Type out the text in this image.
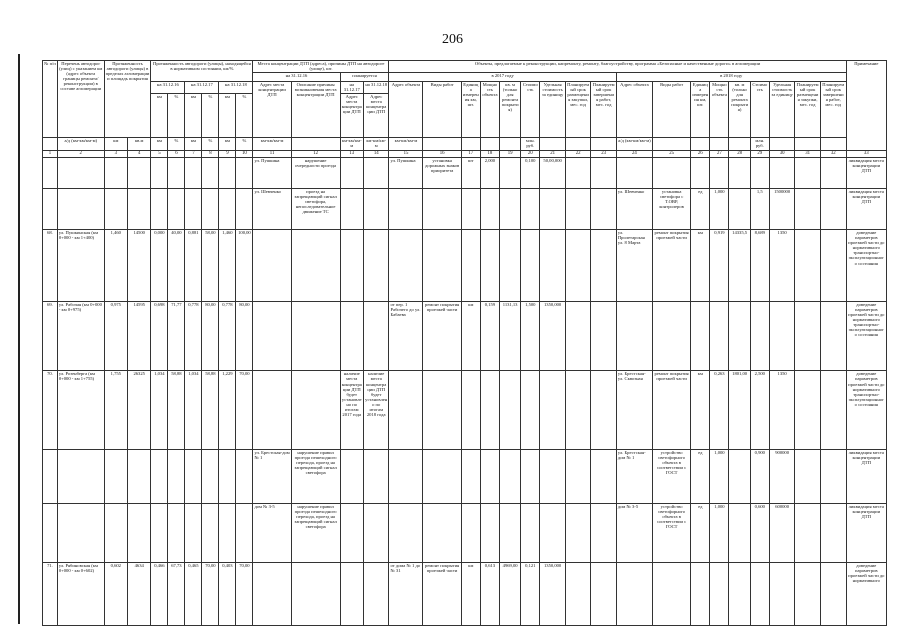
206
№ п/п	Перечень автодорог (улиц) с указанием км (адрес объекта границы ремонта/реконструкции) в составе агломерации	Протяженность автодороги (улицы) в пределах агломерации и площадь покрытия		Протяженность автодороги (улицы), находящейся в нормативном состоянии, км/%						Места концентрации ДТП (адреса), причины ДТП на автодороге (улице), шт.				Объекты, предлагаемые к реконструкции, капремонту, ремонту, благоустройству, программа «Безопасные и качественные дороги» в агломерации																		Примечание
										на 31.12.16		планируется		в 2017 году									в 2018 году									
				на 31.12.16		на 31.12.17		на 31.12.18		Адрес места концентрации ДТП	Описание причины возникновения места концентрации ДТП	на 31.12.17	на 31.12.18	Адрес объекта	Виды работ	Единица измерения км, шт.	Мощность объекта	кв. м (только для ремонта покрытия)	Стоимость	Удельная стоимость за единицу	Планируемый срок размещения закупки, мес. год	Планируемый срок завершения работ, мес. год	Адрес объекта	Виды работ	Единица измерения км, шт.	Мощность объекта	кв. м (только для ремонта покрытия)	Стоимость	Удельная стоимость за единицу	Планируемый срок размещения закупки, мес. год	Планируемый срок завершения работ, мес. год	
				км	%	км	%	км	%			Адрес места концентрации ДТП	Адрес места концентрации ДТП																			
	a/д (км-км/км-м)	км	кв.м	км	%	км	%	км	%	км-км/км-м		км-км/км-м	км-км/км-м	км-км/км-м					млн. руб.				a/д (км-км/км-м)					млн. руб.				
1	2	3	4	5	6	7	8	9	10	11	12	13	14	15	16	17	18	19	20	21	22	23	24	25	26	27	28	29	30	31	32	33
										ул. Пушкина	нарушение очередности проезда			ул. Пушкина	установка дорожных знаков приоритета	шт	2,000		0,100	50,00,000												ликвидация места концентрации ДТП
										ул. Шевченко	проезд на запрещающий сигнал светофора, непоследовательное движение ТС												ул. Шевченко	установка светофора с Т.ОВР, контролеров	ед	1,000		1,5	1500000			ликвидация места концентрации ДТП
68.	ул. Пушкинская (км 0+000 - км 1+400)	1,460	14500	0,000	40,00	0,881	58,00	1,460	100,00														ул. Пролетарская ул. 8 Марта	ремонт покрытия проезжей части	км	0,919	14335,5	8,689	1350			доведение параметров проезжей части до нормативного транспортно-эксплуатационного состояния
69.	ул. Рабочая (км 0+000 - км 0+975)	0,975	14595	0,698	71,77	0,778	80,00	0,778	80,00					от пер. 1 Рабочего до ул. Бабаева	ремонт покрытия проезжей части	км	0,159	1131,13	1,500	1350,000												доведение параметров проезжей части до нормативного транспортно-эксплуатационного состояния
70.	ул. Розенберга (км 0+000 - км 1+755)	1,755	26325	1,034	58,88	1,034	58,88	1,229	70,00			наличие места концентрации ДТП будет установлено по итогам 2017 года	наличие места концентрации ДТП будет установлено по итогам 2018 года										ул. Брестская-ул. Сквозная	ремонт покрытия проезжей части	км	0,263	1801,00	2,500	1350			доведение параметров проезжей части до нормативного транспортно-эксплуатационного состояния
										ул. Брестская-дом № 1	нарушение правил проезда пешеходного перехода, проезд на запрещающий сигнал светофора												ул. Брестская-дом № 1	устройство светофорного объекта в соответствии с ГОСТ	ед	1,000		0,900	900000			ликвидация места концентрации ДТП
										дом № 3-5	нарушение правил проезда пешеходного перехода, проезд на запрещающий сигнал светофора												дом № 3-5	устройство светофорного объекта в соответствии с ГОСТ	ед	1,000		0,600	600000			ликвидация места концентрации ДТП
71.	ул. Рябиновская (км 0+000 - км 0+602)	0,602	4634	0,466	67,73	0,465	70,00	0,403	70,00					от дома № 1 до № 31	ремонт покрытия проезжей части	км	0,613	4969,00	0,121	1350,000												доведение параметров проезжей части до нормативного
